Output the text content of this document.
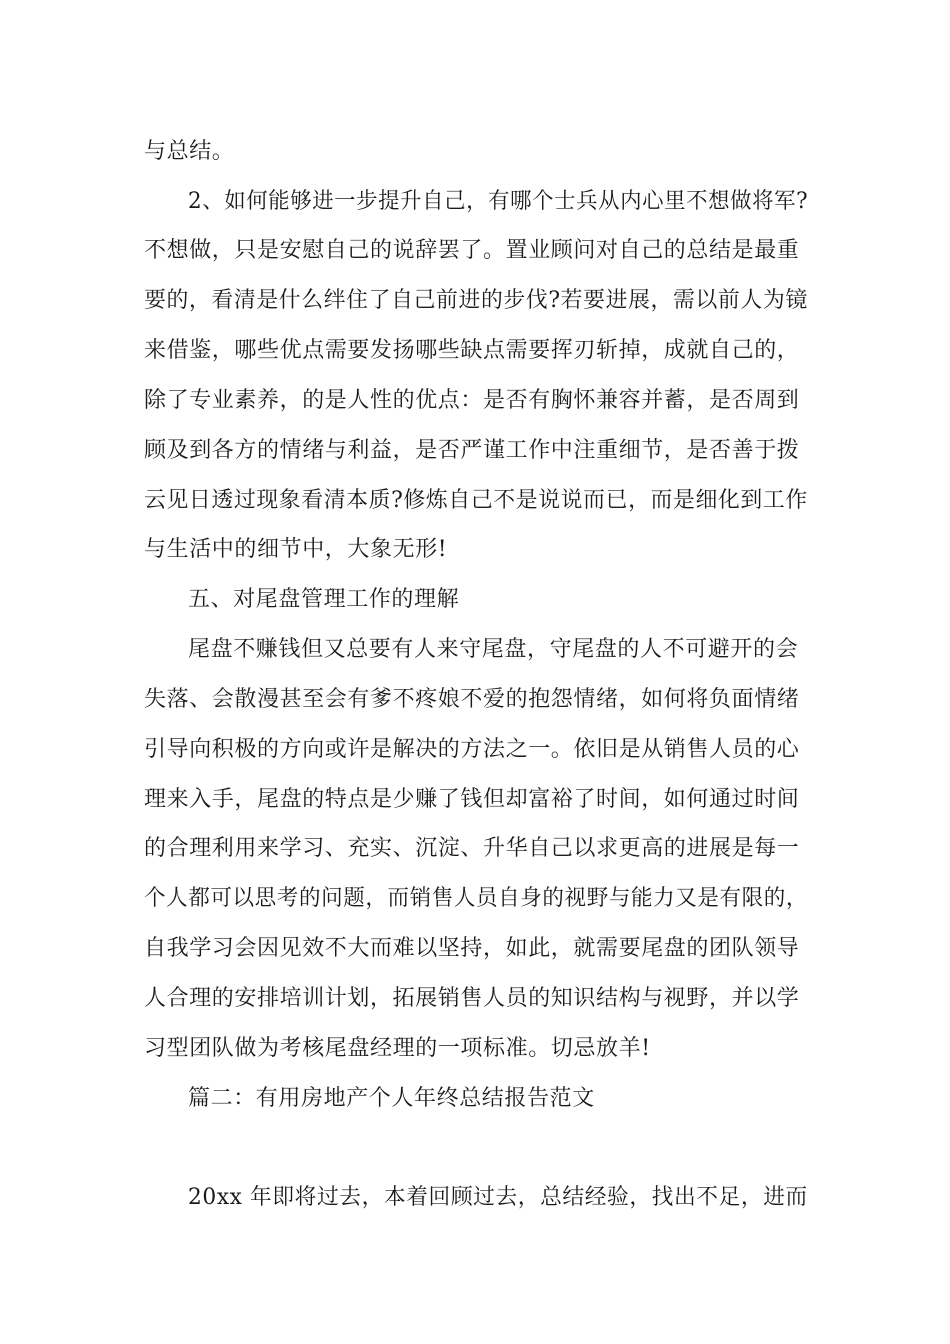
与总结。
2、如何能够进一步提升自己，有哪个士兵从内心里不想做将军?
不想做，只是安慰自己的说辞罢了。置业顾问对自己的总结是最重
要的，看清是什么绊住了自己前进的步伐?若要进展，需以前人为镜
来借鉴，哪些优点需要发扬哪些缺点需要挥刃斩掉，成就自己的，
除了专业素养，的是人性的优点：是否有胸怀兼容并蓄，是否周到
顾及到各方的情绪与利益，是否严谨工作中注重细节，是否善于拨
云见日透过现象看清本质?修炼自己不是说说而已，而是细化到工作
与生活中的细节中，大象无形!
五、对尾盘管理工作的理解
尾盘不赚钱但又总要有人来守尾盘，守尾盘的人不可避开的会
失落、会散漫甚至会有爹不疼娘不爱的抱怨情绪，如何将负面情绪
引导向积极的方向或许是解决的方法之一。依旧是从销售人员的心
理来入手，尾盘的特点是少赚了钱但却富裕了时间，如何通过时间
的合理利用来学习、充实、沉淀、升华自己以求更高的进展是每一
个人都可以思考的问题，而销售人员自身的视野与能力又是有限的，
自我学习会因见效不大而难以坚持，如此，就需要尾盘的团队领导
人合理的安排培训计划，拓展销售人员的知识结构与视野，并以学
习型团队做为考核尾盘经理的一项标准。切忌放羊!
篇二：有用房地产个人年终总结报告范文
20xx 年即将过去，本着回顾过去，总结经验，找出不足，进而
